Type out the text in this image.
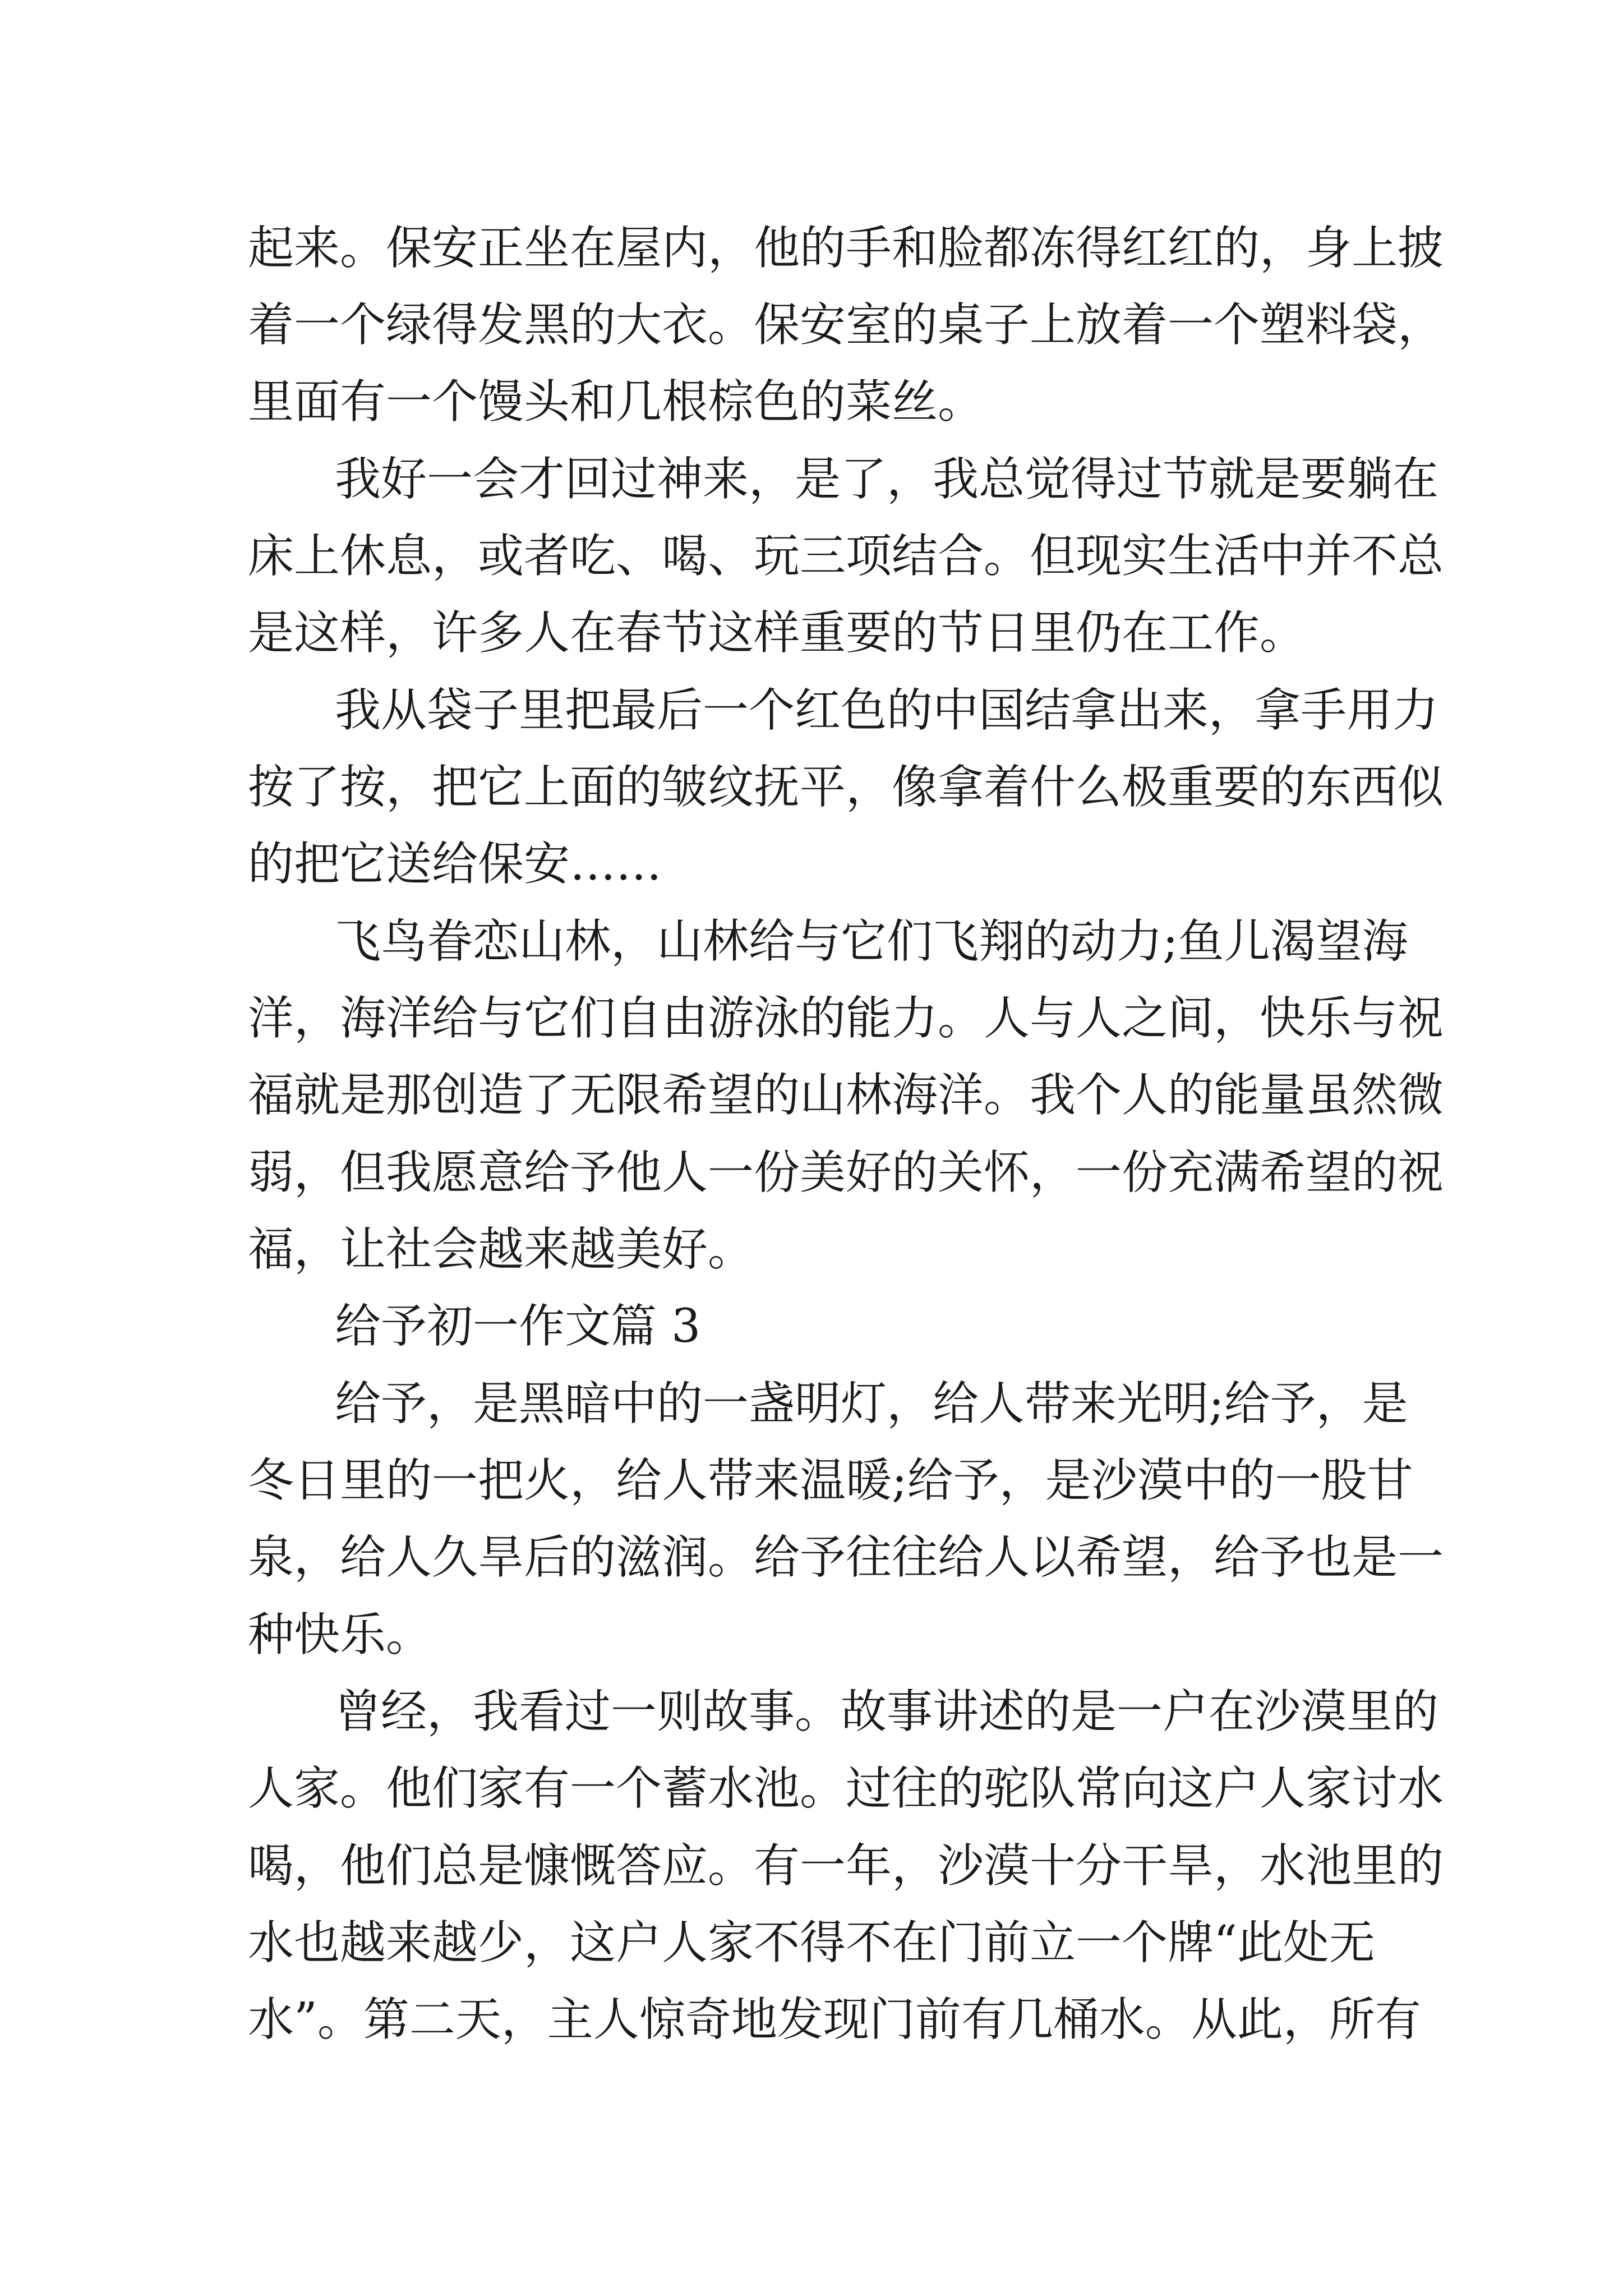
起来。保安正坐在屋内，他的手和脸都冻得红红的，身上披
着一个绿得发黑的大衣。保安室的桌子上放着一个塑料袋，
里面有一个馒头和几根棕色的菜丝。
我好一会才回过神来，是了，我总觉得过节就是要躺在
床上休息，或者吃、喝、玩三项结合。但现实生活中并不总
是这样，许多人在春节这样重要的节日里仍在工作。
我从袋子里把最后一个红色的中国结拿出来，拿手用力
按了按，把它上面的皱纹抚平，像拿着什么极重要的东西似
的把它送给保安……
飞鸟眷恋山林，山林给与它们飞翔的动力;鱼儿渴望海
洋，海洋给与它们自由游泳的能力。人与人之间，快乐与祝
福就是那创造了无限希望的山林海洋。我个人的能量虽然微
弱，但我愿意给予他人一份美好的关怀，一份充满希望的祝
福，让社会越来越美好。
给予初一作文篇 3
给予，是黑暗中的一盏明灯，给人带来光明;给予，是
冬日里的一把火，给人带来温暖;给予，是沙漠中的一股甘
泉，给人久旱后的滋润。给予往往给人以希望，给予也是一
种快乐。
曾经，我看过一则故事。故事讲述的是一户在沙漠里的
人家。他们家有一个蓄水池。过往的驼队常向这户人家讨水
喝，他们总是慷慨答应。有一年，沙漠十分干旱，水池里的
水也越来越少，这户人家不得不在门前立一个牌“此处无
水”。第二天，主人惊奇地发现门前有几桶水。从此，所有
